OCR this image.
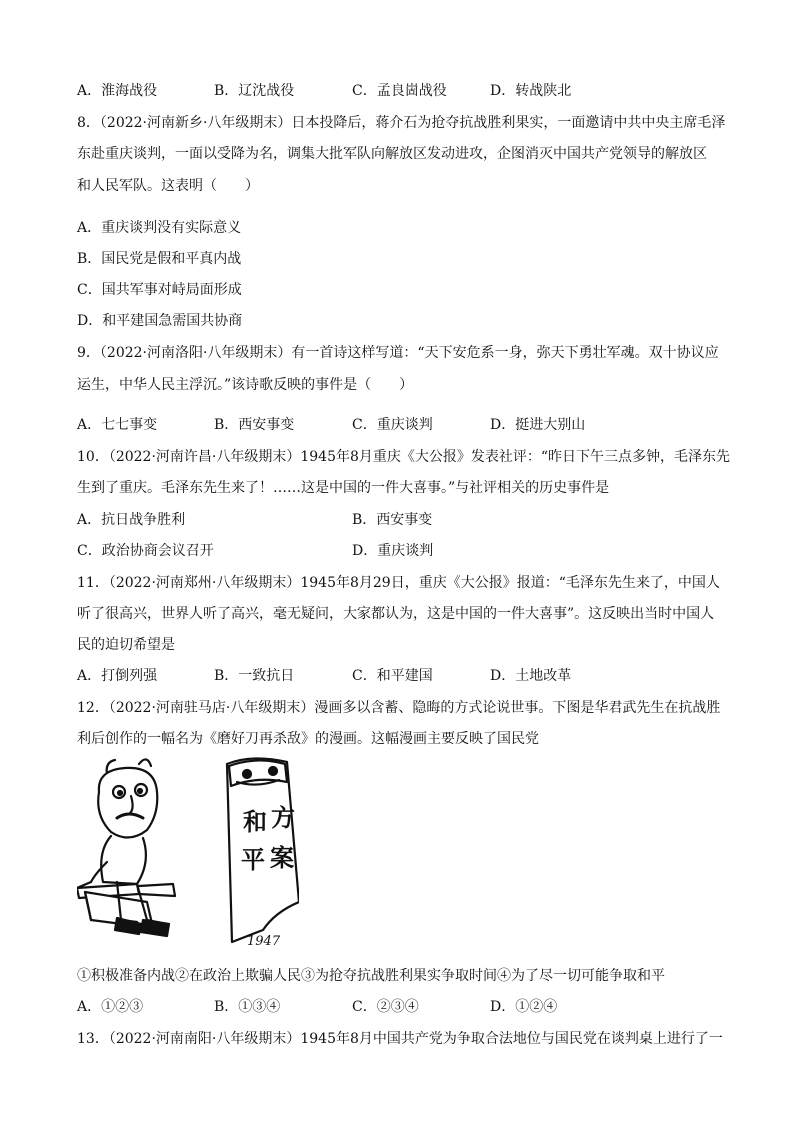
A．淮海战役	B．辽沈战役	C．孟良崮战役	D．转战陕北
8．（2022·河南新乡·八年级期末）日本投降后，蒋介石为抢夺抗战胜利果实，一面邀请中共中央主席毛泽
东赴重庆谈判，一面以受降为名，调集大批军队向解放区发动进攻，企图消灭中国共产党领导的解放区
和人民军队。这表明（　　）
A．重庆谈判没有实际意义
B．国民党是假和平真内战
C．国共军事对峙局面形成
D．和平建国急需国共协商
9．（2022·河南洛阳·八年级期末）有一首诗这样写道：“天下安危系一身，弥天下勇壮军魂。双十协议应
运生，中华人民主浮沉。”该诗歌反映的事件是（　　）
A．七七事变	B．西安事变	C．重庆谈判	D．挺进大别山
10．（2022·河南许昌·八年级期末）1945年8月重庆《大公报》发表社评：“昨日下午三点多钟，毛泽东先
生到了重庆。毛泽东先生来了！……这是中国的一件大喜事。”与社评相关的历史事件是
A．抗日战争胜利	B．西安事变
C．政治协商会议召开	D．重庆谈判
11．（2022·河南郑州·八年级期末）1945年8月29日，重庆《大公报》报道：“毛泽东先生来了，中国人
听了很高兴，世界人听了高兴，毫无疑问，大家都认为，这是中国的一件大喜事”。这反映出当时中国人
民的迫切希望是
A．打倒列强	B．一致抗日	C．和平建国	D．土地改革
12．（2022·河南驻马店·八年级期末）漫画多以含蓄、隐晦的方式论说世事。下图是华君武先生在抗战胜
利后创作的一幅名为《磨好刀再杀敌》的漫画。这幅漫画主要反映了国民党
和 方
平 案
1947
①积极准备内战②在政治上欺骗人民③为抢夺抗战胜利果实争取时间④为了尽一切可能争取和平
A．①②③	B．①③④	C．②③④	D．①②④
13．（2022·河南南阳·八年级期末）1945年8月中国共产党为争取合法地位与国民党在谈判桌上进行了一
